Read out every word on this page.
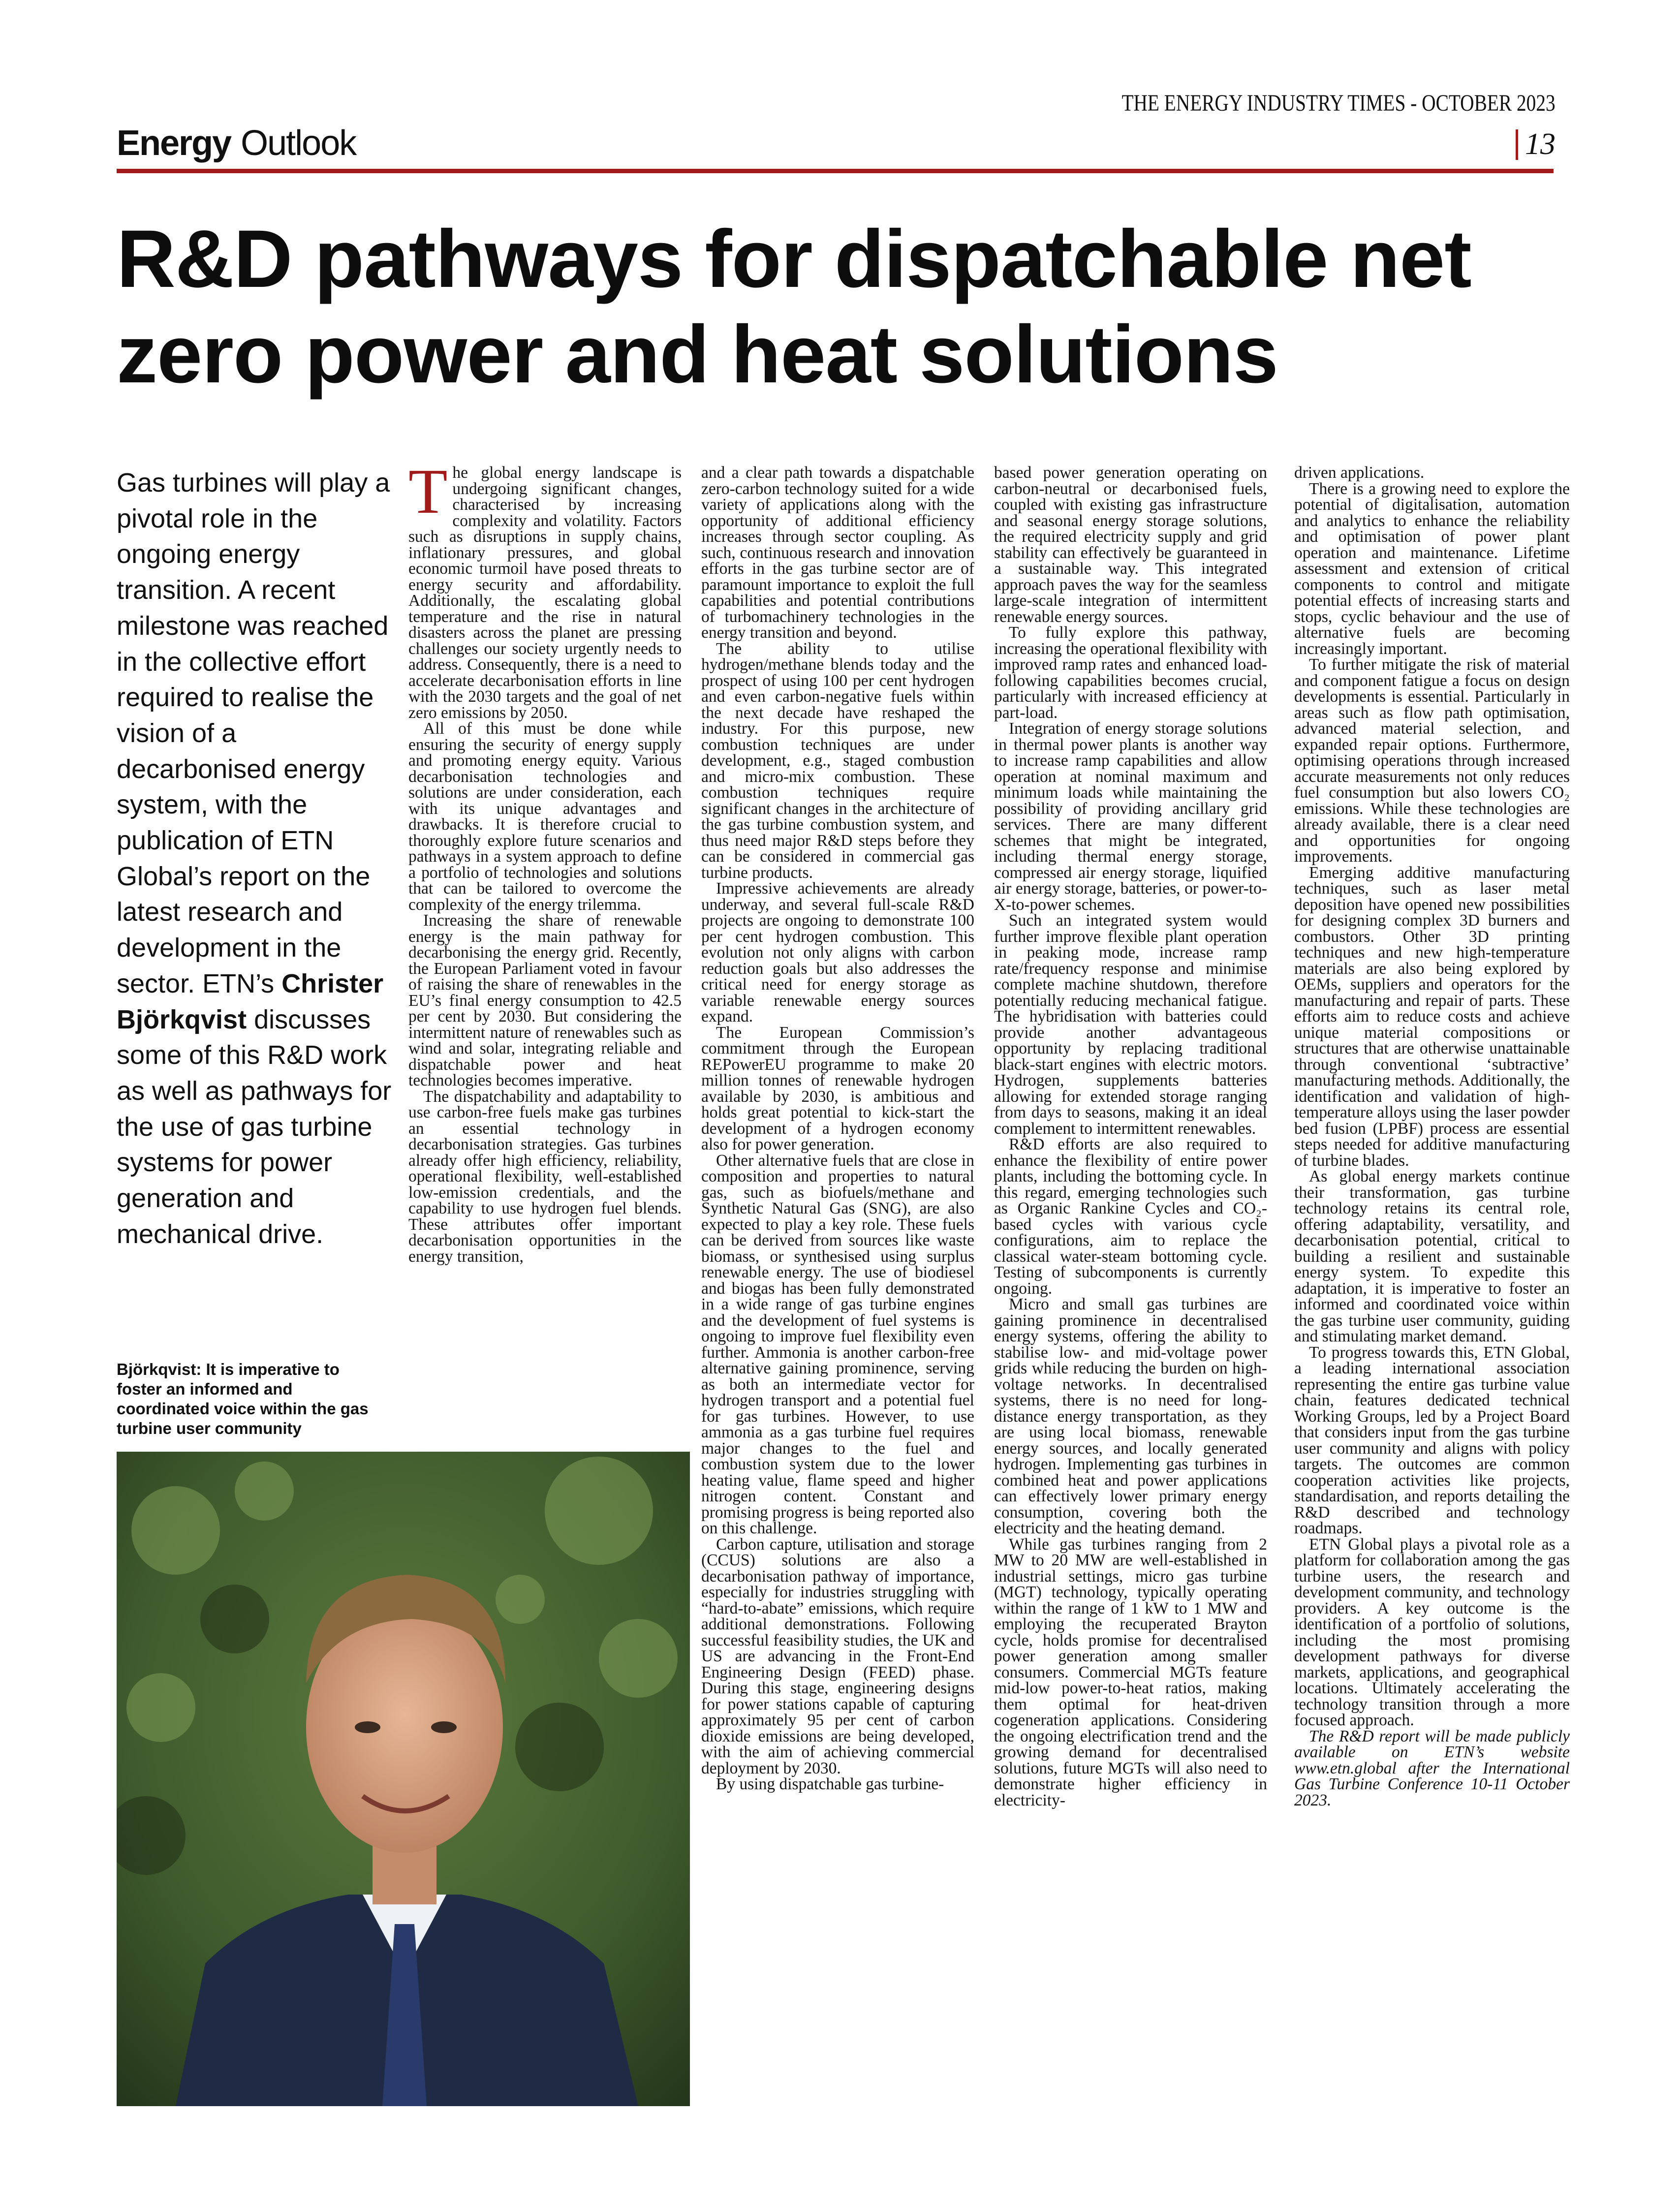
THE ENERGY INDUSTRY TIMES - OCTOBER 2023
Energy Outlook	13
R&D pathways for dispatchable net zero power and heat solutions
Gas turbines will play a pivotal role in the ongoing energy transition. A recent milestone was reached in the collective effort required to realise the vision of a decarbonised energy system, with the publication of ETN Global’s report on the latest research and development in the sector. ETN’s Christer Björkqvist discusses some of this R&D work as well as pathways for the use of gas turbine systems for power generation and mechanical drive.
Björkqvist: It is imperative to foster an informed and coordinated voice within the gas turbine user community

The global energy landscape is undergoing significant changes, characterised by increasing complexity and volatility. Factors such as disruptions in supply chains, inflationary pressures, and global economic turmoil have posed threats to energy security and affordability. Additionally, the escalating global temperature and the rise in natural disasters across the planet are pressing challenges our society urgently needs to address. Consequently, there is a need to accelerate decarbonisation efforts in line with the 2030 targets and the goal of net zero emissions by 2050.

All of this must be done while ensuring the security of energy supply and promoting energy equity. Various decarbonisation technologies and solutions are under consideration, each with its unique advantages and drawbacks. It is therefore crucial to thoroughly explore future scenarios and pathways in a system approach to define a portfolio of technologies and solutions that can be tailored to overcome the complexity of the energy trilemma.

Increasing the share of renewable energy is the main pathway for decarbonising the energy grid. Recently, the European Parliament voted in favour of raising the share of renewables in the EU’s final energy consumption to 42.5 per cent by 2030. But considering the intermittent nature of renewables such as wind and solar, integrating reliable and dispatchable power and heat technologies becomes imperative.

The dispatchability and adaptability to use carbon-free fuels make gas turbines an essential technology in decarbonisation strategies. Gas turbines already offer high efficiency, reliability, operational flexibility, well-established low-emission credentials, and the capability to use hydrogen fuel blends. These attributes offer important decarbonisation opportunities in the energy transition,

and a clear path towards a dispatchable zero-carbon technology suited for a wide variety of applications along with the opportunity of additional efficiency increases through sector coupling. As such, continuous research and innovation efforts in the gas turbine sector are of paramount importance to exploit the full capabilities and potential contributions of turbomachinery technologies in the energy transition and beyond.

The ability to utilise hydrogen/methane blends today and the prospect of using 100 per cent hydrogen and even carbon-negative fuels within the next decade have reshaped the industry. For this purpose, new combustion techniques are under development, e.g., staged combustion and micro-mix combustion. These combustion techniques require significant changes in the architecture of the gas turbine combustion system, and thus need major R&D steps before they can be considered in commercial gas turbine products.

Impressive achievements are already underway, and several full-scale R&D projects are ongoing to demonstrate 100 per cent hydrogen combustion. This evolution not only aligns with carbon reduction goals but also addresses the critical need for energy storage as variable renewable energy sources expand.

The European Commission’s commitment through the European REPowerEU programme to make 20 million tonnes of renewable hydrogen available by 2030, is ambitious and holds great potential to kick-start the development of a hydrogen economy also for power generation.

Other alternative fuels that are close in composition and properties to natural gas, such as biofuels/methane and Synthetic Natural Gas (SNG), are also expected to play a key role. These fuels can be derived from sources like waste biomass, or synthesised using surplus renewable energy. The use of biodiesel and biogas has been fully demonstrated in a wide range of gas turbine engines and the development of fuel systems is ongoing to improve fuel flexibility even further. Ammonia is another carbon-free alternative gaining prominence, serving as both an intermediate vector for hydrogen transport and a potential fuel for gas turbines. However, to use ammonia as a gas turbine fuel requires major changes to the fuel and combustion system due to the lower heating value, flame speed and higher nitrogen content. Constant and promising progress is being reported also on this challenge.

Carbon capture, utilisation and storage (CCUS) solutions are also a decarbonisation pathway of importance, especially for industries struggling with “hard-to-abate” emissions, which require additional demonstrations. Following successful feasibility studies, the UK and US are advancing in the Front-End Engineering Design (FEED) phase. During this stage, engineering designs for power stations capable of capturing approximately 95 per cent of carbon dioxide emissions are being developed, with the aim of achieving commercial deployment by 2030.

By using dispatchable gas turbine-

based power generation operating on carbon-neutral or decarbonised fuels, coupled with existing gas infrastructure and seasonal energy storage solutions, the required electricity supply and grid stability can effectively be guaranteed in a sustainable way. This integrated approach paves the way for the seamless large-scale integration of intermittent renewable energy sources.

To fully explore this pathway, increasing the operational flexibility with improved ramp rates and enhanced load-following capabilities becomes crucial, particularly with increased efficiency at part-load.

Integration of energy storage solutions in thermal power plants is another way to increase ramp capabilities and allow operation at nominal maximum and minimum loads while maintaining the possibility of providing ancillary grid services. There are many different schemes that might be integrated, including thermal energy storage, compressed air energy storage, liquified air energy storage, batteries, or power-to-X-to-power schemes.

Such an integrated system would further improve flexible plant operation in peaking mode, increase ramp rate/frequency response and minimise complete machine shutdown, therefore potentially reducing mechanical fatigue. The hybridisation with batteries could provide another advantageous opportunity by replacing traditional black-start engines with electric motors. Hydrogen, supplements batteries allowing for extended storage ranging from days to seasons, making it an ideal complement to intermittent renewables.

R&D efforts are also required to enhance the flexibility of entire power plants, including the bottoming cycle. In this regard, emerging technologies such as Organic Rankine Cycles and CO₂-based cycles with various cycle configurations, aim to replace the classical water-steam bottoming cycle. Testing of subcomponents is currently ongoing.

Micro and small gas turbines are gaining prominence in decentralised energy systems, offering the ability to stabilise low- and mid-voltage power grids while reducing the burden on high-voltage networks. In decentralised systems, there is no need for long-distance energy transportation, as they are using local biomass, renewable energy sources, and locally generated hydrogen. Implementing gas turbines in combined heat and power applications can effectively lower primary energy consumption, covering both the electricity and the heating demand.

While gas turbines ranging from 2 MW to 20 MW are well-established in industrial settings, micro gas turbine (MGT) technology, typically operating within the range of 1 kW to 1 MW and employing the recuperated Brayton cycle, holds promise for decentralised power generation among smaller consumers. Commercial MGTs feature mid-low power-to-heat ratios, making them optimal for heat-driven cogeneration applications. Considering the ongoing electrification trend and the growing demand for decentralised solutions, future MGTs will also need to demonstrate higher efficiency in electricity-

driven applications.

There is a growing need to explore the potential of digitalisation, automation and analytics to enhance the reliability and optimisation of power plant operation and maintenance. Lifetime assessment and extension of critical components to control and mitigate potential effects of increasing starts and stops, cyclic behaviour and the use of alternative fuels are becoming increasingly important.

To further mitigate the risk of material and component fatigue a focus on design developments is essential. Particularly in areas such as flow path optimisation, advanced material selection, and expanded repair options. Furthermore, optimising operations through increased accurate measurements not only reduces fuel consumption but also lowers CO₂ emissions. While these technologies are already available, there is a clear need and opportunities for ongoing improvements.

Emerging additive manufacturing techniques, such as laser metal deposition have opened new possibilities for designing complex 3D burners and combustors. Other 3D printing techniques and new high-temperature materials are also being explored by OEMs, suppliers and operators for the manufacturing and repair of parts. These efforts aim to reduce costs and achieve unique material compositions or structures that are otherwise unattainable through conventional ‘subtractive’ manufacturing methods. Additionally, the identification and validation of high-temperature alloys using the laser powder bed fusion (LPBF) process are essential steps needed for additive manufacturing of turbine blades.

As global energy markets continue their transformation, gas turbine technology retains its central role, offering adaptability, versatility, and decarbonisation potential, critical to building a resilient and sustainable energy system. To expedite this adaptation, it is imperative to foster an informed and coordinated voice within the gas turbine user community, guiding and stimulating market demand.

To progress towards this, ETN Global, a leading international association representing the entire gas turbine value chain, features dedicated technical Working Groups, led by a Project Board that considers input from the gas turbine user community and aligns with policy targets. The outcomes are common cooperation activities like projects, standardisation, and reports detailing the R&D described and technology roadmaps.

ETN Global plays a pivotal role as a platform for collaboration among the gas turbine users, the research and development community, and technology providers. A key outcome is the identification of a portfolio of solutions, including the most promising development pathways for diverse markets, applications, and geographical locations. Ultimately accelerating the technology transition through a more focused approach.

The R&D report will be made publicly available on ETN’s website www.etn.global after the International Gas Turbine Conference 10-11 October 2023.
